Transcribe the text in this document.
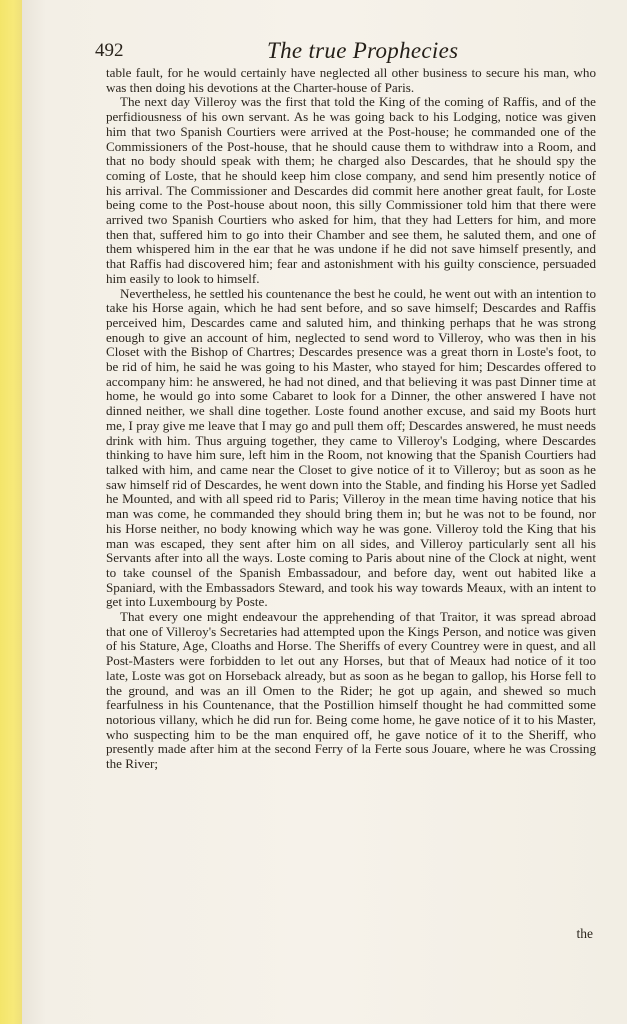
492	The true Prophecies

table fault, for he would certainly have neglected all other business to secure his man, who was then doing his devotions at the Charter-house of Paris.

The next day Villeroy was the first that told the King of the coming of Raffis, and of the perfidiousness of his own servant. As he was going back to his Lodging, notice was given him that two Spanish Courtiers were arrived at the Post-house; he commanded one of the Commissioners of the Post-house, that he should cause them to withdraw into a Room, and that no body should speak with them; he charged also Descardes, that he should spy the coming of Loste, that he should keep him close company, and send him presently notice of his arrival. The Commissioner and Descardes did commit here another great fault, for Loste being come to the Post-house about noon, this silly Commissioner told him that there were arrived two Spanish Courtiers who asked for him, that they had Letters for him, and more then that, suffered him to go into their Chamber and see them, he saluted them, and one of them whispered him in the ear that he was undone if he did not save himself presently, and that Raffis had discovered him; fear and astonishment with his guilty conscience, persuaded him easily to look to himself.

Nevertheless, he settled his countenance the best he could, he went out with an intention to take his Horse again, which he had sent before, and so save himself; Descardes and Raffis perceived him, Descardes came and saluted him, and thinking perhaps that he was strong enough to give an account of him, neglected to send word to Villeroy, who was then in his Closet with the Bishop of Chartres; Descardes presence was a great thorn in Loste's foot, to be rid of him, he said he was going to his Master, who stayed for him; Descardes offered to accompany him: he answered, he had not dined, and that believing it was past Dinner time at home, he would go into some Cabaret to look for a Dinner, the other answered I have not dinned neither, we shall dine together. Loste found another excuse, and said my Boots hurt me, I pray give me leave that I may go and pull them off; Descardes answered, he must needs drink with him. Thus arguing together, they came to Villeroy's Lodging, where Descardes thinking to have him sure, left him in the Room, not knowing that the Spanish Courtiers had talked with him, and came near the Closet to give notice of it to Villeroy; but as soon as he saw himself rid of Descardes, he went down into the Stable, and finding his Horse yet Sadled he Mounted, and with all speed rid to Paris; Villeroy in the mean time having notice that his man was come, he commanded they should bring them in; but he was not to be found, nor his Horse neither, no body knowing which way he was gone. Villeroy told the King that his man was escaped, they sent after him on all sides, and Villeroy particularly sent all his Servants after into all the ways. Loste coming to Paris about nine of the Clock at night, went to take counsel of the Spanish Embassadour, and before day, went out habited like a Spaniard, with the Embassadors Steward, and took his way towards Meaux, with an intent to get into Luxembourg by Poste.

That every one might endeavour the apprehending of that Traitor, it was spread abroad that one of Villeroy's Secretaries had attempted upon the Kings Person, and notice was given of his Stature, Age, Cloaths and Horse. The Sheriffs of every Countrey were in quest, and all Post-Masters were forbidden to let out any Horses, but that of Meaux had notice of it too late, Loste was got on Horseback already, but as soon as he began to gallop, his Horse fell to the ground, and was an ill Omen to the Rider; he got up again, and shewed so much fearfulness in his Countenance, that the Postillion himself thought he had committed some notorious villany, which he did run for. Being come home, he gave notice of it to his Master, who suspecting him to be the man enquired off, he gave notice of it to the Sheriff, who presently made after him at the second Ferry of la Ferte sous Jouare, where he was Crossing the River;

the
